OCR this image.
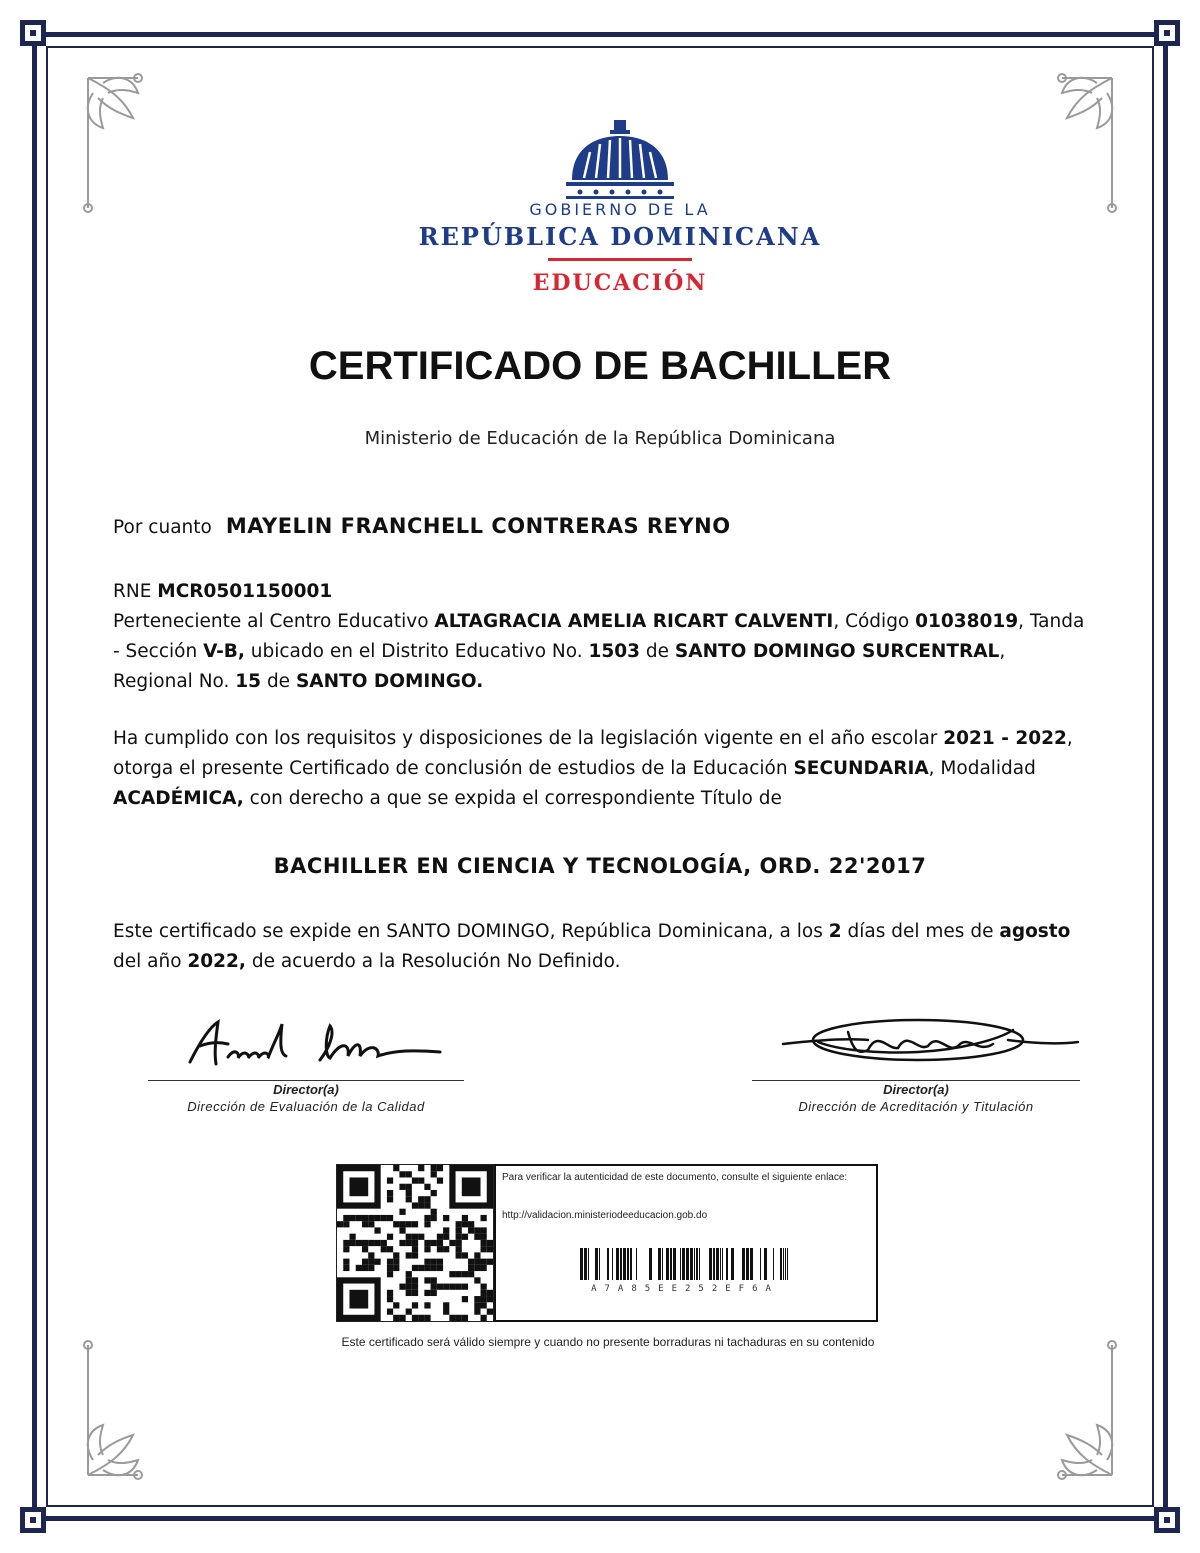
GOBIERNO DE LA
REPÚBLICA DOMINICANA
EDUCACIÓN
CERTIFICADO DE BACHILLER
Ministerio de Educación de la República Dominicana
Por cuanto MAYELIN FRANCHELL CONTRERAS REYNO
RNE MCR0501150001
Perteneciente al Centro Educativo ALTAGRACIA AMELIA RICART CALVENTI, Código 01038019, Tanda - Sección V-B, ubicado en el Distrito Educativo No. 1503 de SANTO DOMINGO SURCENTRAL, Regional No. 15 de SANTO DOMINGO.
Ha cumplido con los requisitos y disposiciones de la legislación vigente en el año escolar 2021 - 2022, otorga el presente Certificado de conclusión de estudios de la Educación SECUNDARIA, Modalidad ACADÉMICA, con derecho a que se expida el correspondiente Título de
BACHILLER EN CIENCIA Y TECNOLOGÍA, ORD. 22'2017
Este certificado se expide en SANTO DOMINGO, República Dominicana, a los 2 días del mes de agosto del año 2022, de acuerdo a la Resolución No Definido.
Director(a)
Dirección de Evaluación de la Calidad
Director(a)
Dirección de Acreditación y Titulación
Para verificar la autenticidad de este documento, consulte el siguiente enlace:
http://validacion.ministeriodeeducacion.gob.do
A7A85EE252EF6A
Este certificado será válido siempre y cuando no presente borraduras ni tachaduras en su contenido
